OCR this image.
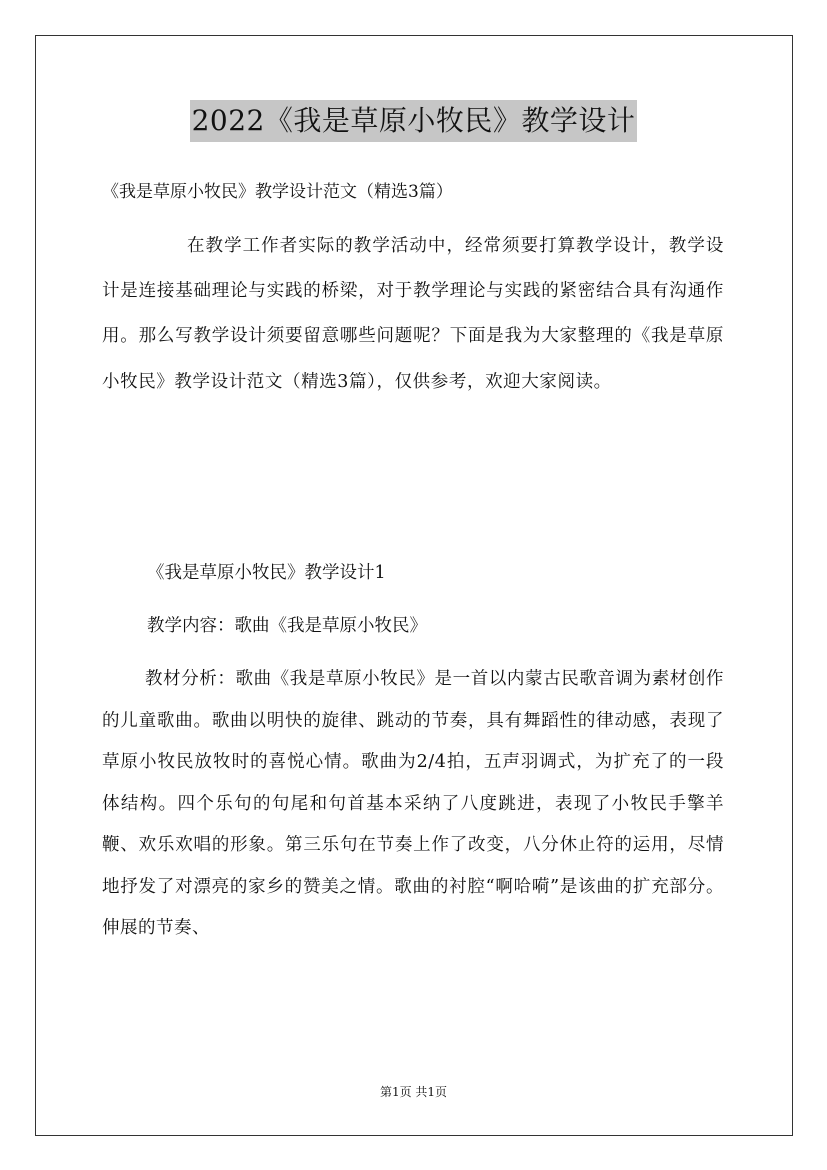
2022《我是草原小牧民》教学设计
《我是草原小牧民》教学设计范文（精选3篇）
在教学工作者实际的教学活动中，经常须要打算教学设计，教学设计是连接基础理论与实践的桥梁，对于教学理论与实践的紧密结合具有沟通作用。那么写教学设计须要留意哪些问题呢？下面是我为大家整理的《我是草原小牧民》教学设计范文（精选3篇），仅供参考，欢迎大家阅读。
《我是草原小牧民》教学设计1
教学内容：歌曲《我是草原小牧民》
教材分析：歌曲《我是草原小牧民》是一首以内蒙古民歌音调为素材创作的儿童歌曲。歌曲以明快的旋律、跳动的节奏，具有舞蹈性的律动感，表现了草原小牧民放牧时的喜悦心情。歌曲为2/4拍，五声羽调式，为扩充了的一段体结构。四个乐句的句尾和句首基本采纳了八度跳进，表现了小牧民手擎羊鞭、欢乐欢唱的形象。第三乐句在节奏上作了改变，八分休止符的运用，尽情地抒发了对漂亮的家乡的赞美之情。歌曲的衬腔“啊哈嗬”是该曲的扩充部分。伸展的节奏、
第1页 共1页
